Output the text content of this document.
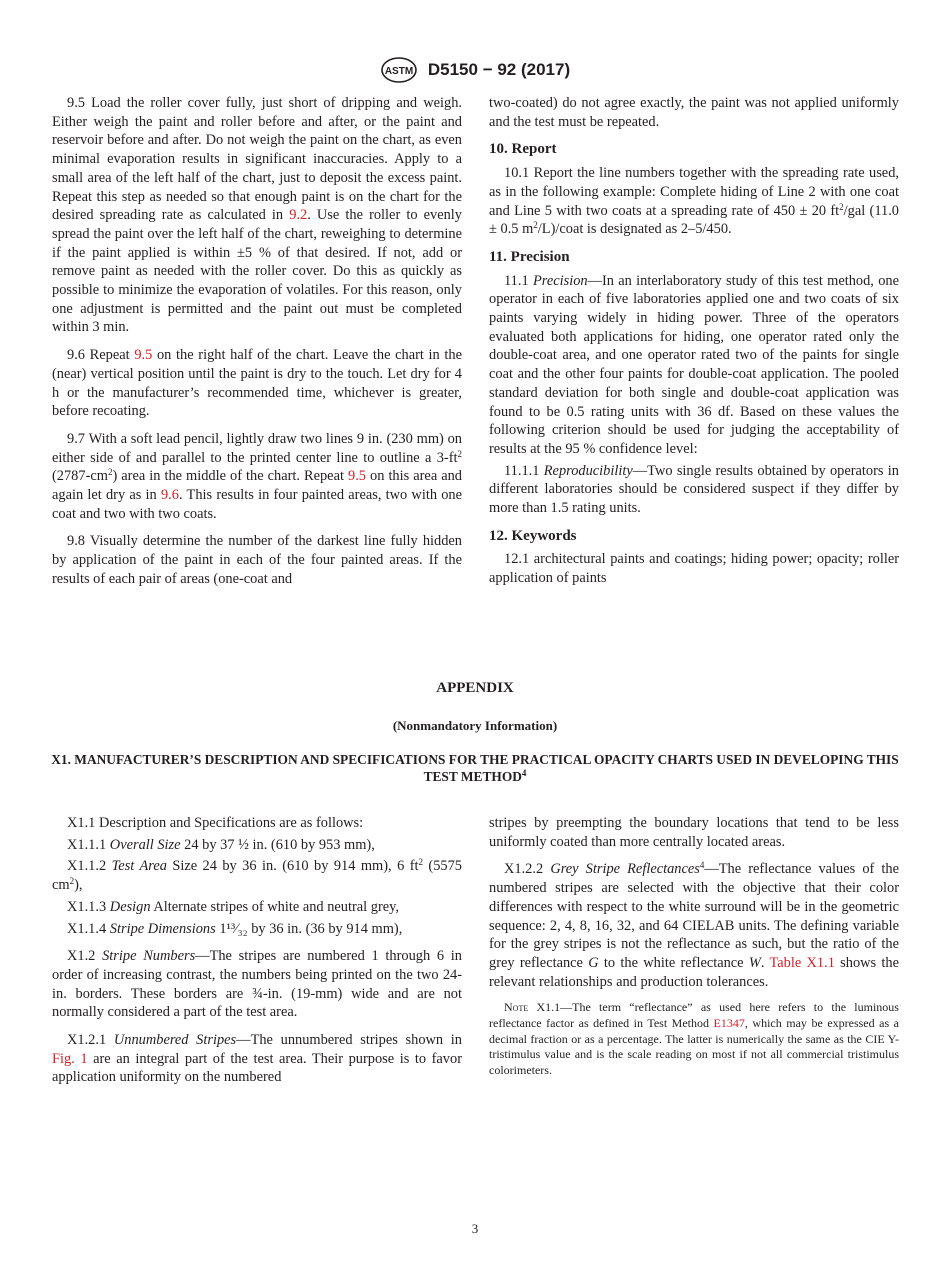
ASTM D5150 − 92 (2017)

9.5 Load the roller cover fully, just short of dripping and weigh. Either weigh the paint and roller before and after, or the paint and reservoir before and after. Do not weigh the paint on the chart, as even minimal evaporation results in significant inaccuracies. Apply to a small area of the left half of the chart, just to deposit the excess paint. Repeat this step as needed so that enough paint is on the chart for the desired spreading rate as calculated in 9.2. Use the roller to evenly spread the paint over the left half of the chart, reweighing to determine if the paint applied is within ±5 % of that desired. If not, add or remove paint as needed with the roller cover. Do this as quickly as possible to minimize the evaporation of volatiles. For this reason, only one adjustment is permitted and the paint out must be completed within 3 min.

9.6 Repeat 9.5 on the right half of the chart. Leave the chart in the (near) vertical position until the paint is dry to the touch. Let dry for 4 h or the manufacturer’s recommended time, whichever is greater, before recoating.

9.7 With a soft lead pencil, lightly draw two lines 9 in. (230 mm) on either side of and parallel to the printed center line to outline a $3-ft^2$ $(2787-cm^2)$ area in the middle of the chart. Repeat 9.5 on this area and again let dry as in 9.6. This results in four painted areas, two with one coat and two with two coats.

9.8 Visually determine the number of the darkest line fully hidden by application of the paint in each of the four painted areas. If the results of each pair of areas (one-coat and

two-coated) do not agree exactly, the paint was not applied uniformly and the test must be repeated.

10. Report

10.1 Report the line numbers together with the spreading rate used, as in the following example: Complete hiding of Line 2 with one coat and Line 5 with two coats at a spreading rate of 450 ± 20 $ft^2$/gal (11.0 ± 0.5 $m^2/L$)/coat is designated as 2–5/450.

11. Precision

11.1 Precision—In an interlaboratory study of this test method, one operator in each of five laboratories applied one and two coats of six paints varying widely in hiding power. Three of the operators evaluated both applications for hiding, one operator rated only the double-coat area, and one operator rated two of the paints for single coat and the other four paints for double-coat application. The pooled standard deviation for both single and double-coat application was found to be 0.5 rating units with 36 df. Based on these values the following criterion should be used for judging the acceptability of results at the 95 % confidence level:

11.1.1 Reproducibility—Two single results obtained by operators in different laboratories should be considered suspect if they differ by more than 1.5 rating units.

12. Keywords

12.1 architectural paints and coatings; hiding power; opacity; roller application of paints

APPENDIX
(Nonmandatory Information)
X1. MANUFACTURER’S DESCRIPTION AND SPECIFICATIONS FOR THE PRACTICAL OPACITY CHARTS USED IN DEVELOPING THIS TEST METHOD$^4$

X1.1 Description and Specifications are as follows:

X1.1.1 Overall Size 24 by 37 ½ in. (610 by 953 mm),

X1.1.2 Test Area Size 24 by 36 in. (610 by 914 mm), 6 $ft^2$ (5575 $cm^2$),

X1.1.3 Design Alternate stripes of white and neutral grey,

X1.1.4 Stripe Dimensions 1¹³⁄₃₂ by 36 in. (36 by 914 mm),

X1.2 Stripe Numbers—The stripes are numbered 1 through 6 in order of increasing contrast, the numbers being printed on the two 24-in. borders. These borders are ¾-in. (19-mm) wide and are not normally considered a part of the test area.

X1.2.1 Unnumbered Stripes—The unnumbered stripes shown in Fig. 1 are an integral part of the test area. Their purpose is to favor application uniformity on the numbered

stripes by preempting the boundary locations that tend to be less uniformly coated than more centrally located areas.

X1.2.2 Grey Stripe Reflectances$^4$—The reflectance values of the numbered stripes are selected with the objective that their color differences with respect to the white surround will be in the geometric sequence: 2, 4, 8, 16, 32, and 64 CIELAB units. The defining variable for the grey stripes is not the reflectance as such, but the ratio of the grey reflectance G to the white reflectance W. Table X1.1 shows the relevant relationships and production tolerances.

Note X1.1—The term “reflectance” as used here refers to the luminous reflectance factor as defined in Test Method E1347, which may be expressed as a decimal fraction or as a percentage. The latter is numerically the same as the CIE Y-tristimulus value and is the scale reading on most if not all commercial tristimulus colorimeters.

3
